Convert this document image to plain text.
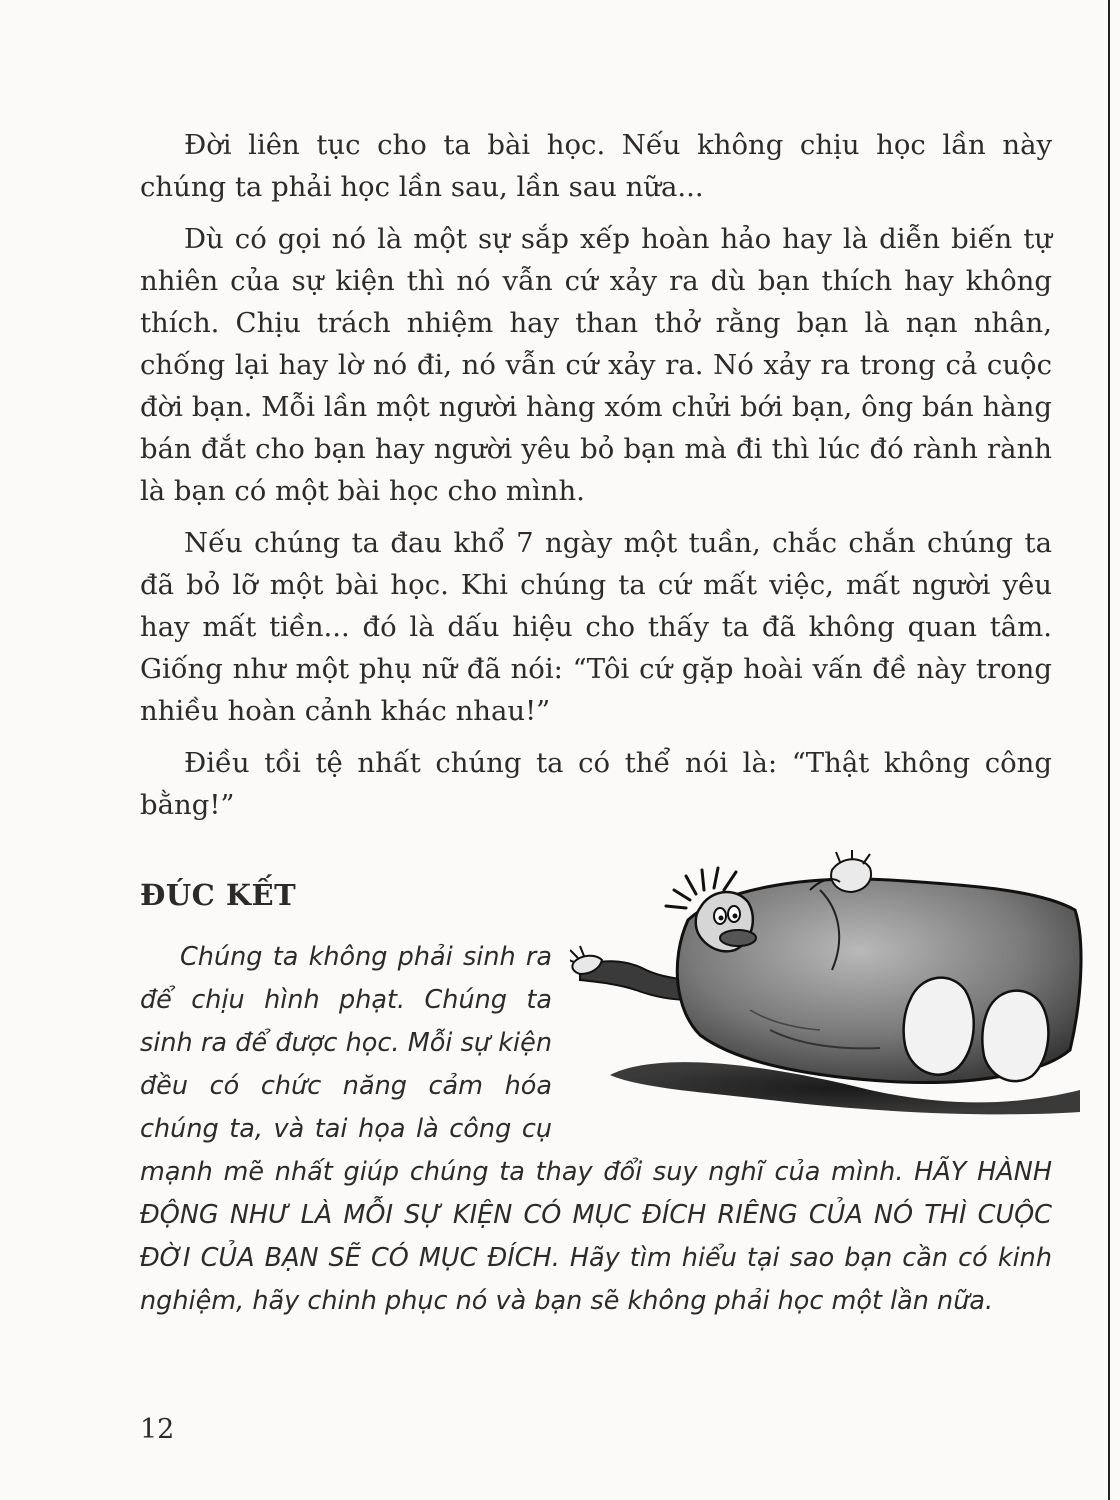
Đời liên tục cho ta bài học. Nếu không chịu học lần này chúng ta phải học lần sau, lần sau nữa...

Dù có gọi nó là một sự sắp xếp hoàn hảo hay là diễn biến tự nhiên của sự kiện thì nó vẫn cứ xảy ra dù bạn thích hay không thích. Chịu trách nhiệm hay than thở rằng bạn là nạn nhân, chống lại hay lờ nó đi, nó vẫn cứ xảy ra. Nó xảy ra trong cả cuộc đời bạn. Mỗi lần một người hàng xóm chửi bới bạn, ông bán hàng bán đắt cho bạn hay người yêu bỏ bạn mà đi thì lúc đó rành rành là bạn có một bài học cho mình.

Nếu chúng ta đau khổ 7 ngày một tuần, chắc chắn chúng ta đã bỏ lỡ một bài học. Khi chúng ta cứ mất việc, mất người yêu hay mất tiền... đó là dấu hiệu cho thấy ta đã không quan tâm. Giống như một phụ nữ đã nói: “Tôi cứ gặp hoài vấn đề này trong nhiều hoàn cảnh khác nhau!”

Điều tồi tệ nhất chúng ta có thể nói là: “Thật không công bằng!”

ĐÚC KẾT
Chúng ta không phải sinh ra để chịu hình phạt. Chúng ta sinh ra để được học. Mỗi sự kiện đều có chức năng cảm hóa chúng ta, và tai họa là công cụ mạnh mẽ nhất giúp chúng ta thay đổi suy nghĩ của mình. HÃY HÀNH ĐỘNG NHƯ LÀ MỖI SỰ KIỆN CÓ MỤC ĐÍCH RIÊNG CỦA NÓ THÌ CUỘC ĐỜI CỦA BẠN SẼ CÓ MỤC ĐÍCH. Hãy tìm hiểu tại sao bạn cần có kinh nghiệm, hãy chinh phục nó và bạn sẽ không phải học một lần nữa.
12
